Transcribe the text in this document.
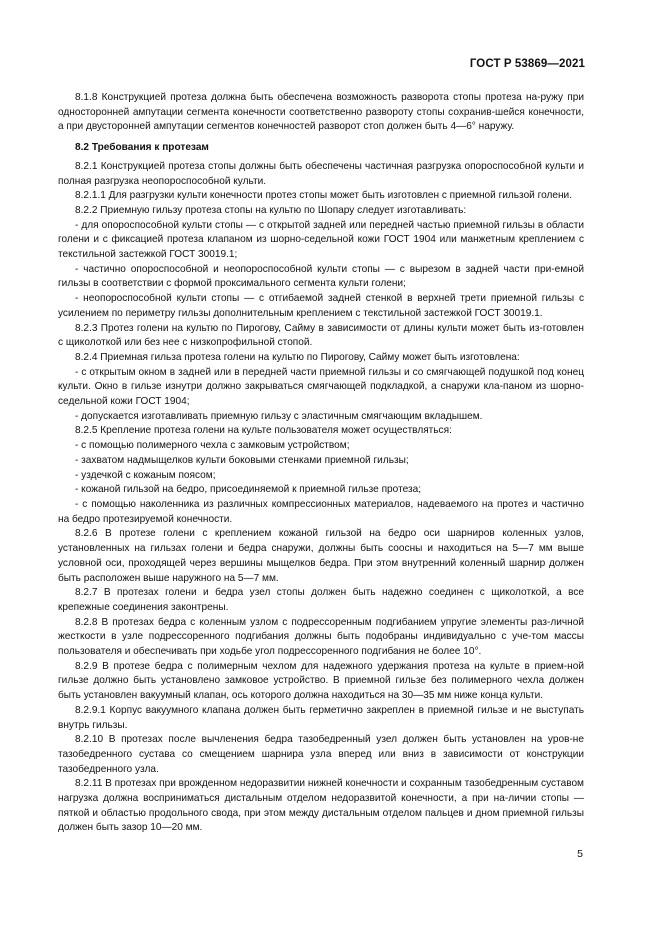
ГОСТ Р 53869—2021

8.1.8 Конструкцией протеза должна быть обеспечена возможность разворота стопы протеза на-ружу при односторонней ампутации сегмента конечности соответственно развороту стопы сохранив-шейся конечности, а при двусторонней ампутации сегментов конечностей разворот стоп должен быть 4—6° наружу.

8.2 Требования к протезам

8.2.1 Конструкцией протеза стопы должны быть обеспечены частичная разгрузка опороспособной культи и полная разгрузка неопороспособной культи.

8.2.1.1 Для разгрузки культи конечности протез стопы может быть изготовлен с приемной гильзой голени.

8.2.2 Приемную гильзу протеза стопы на культю по Шопару следует изготавливать:

- для опороспособной культи стопы — с открытой задней или передней частью приемной гильзы в области голени и с фиксацией протеза клапаном из шорно-седельной кожи ГОСТ 1904 или манжетным креплением с текстильной застежкой ГОСТ 30019.1;

- частично опороспособной и неопороспособной культи стопы — с вырезом в задней части при-емной гильзы в соответствии с формой проксимального сегмента культи голени;

- неопороспособной культи стопы — с отгибаемой задней стенкой в верхней трети приемной гильзы с усилением по периметру гильзы дополнительным креплением с текстильной застежкой ГОСТ 30019.1.

8.2.3 Протез голени на культю по Пирогову, Сайму в зависимости от длины культи может быть из-готовлен с щиколоткой или без нее с низкопрофильной стопой.

8.2.4 Приемная гильза протеза голени на культю по Пирогову, Сайму может быть изготовлена:

- с открытым окном в задней или в передней части приемной гильзы и со смягчающей подушкой под конец культи. Окно в гильзе изнутри должно закрываться смягчающей подкладкой, а снаружи кла-паном из шорно-седельной кожи ГОСТ 1904;

- допускается изготавливать приемную гильзу с эластичным смягчающим вкладышем.

8.2.5 Крепление протеза голени на культе пользователя может осуществляться:

- с помощью полимерного чехла с замковым устройством;

- захватом надмыщелков культи боковыми стенками приемной гильзы;

- уздечкой с кожаным поясом;

- кожаной гильзой на бедро, присоединяемой к приемной гильзе протеза;

- с помощью наколенника из различных компрессионных материалов, надеваемого на протез и частично на бедро протезируемой конечности.

8.2.6 В протезе голени с креплением кожаной гильзой на бедро оси шарниров коленных узлов, установленных на гильзах голени и бедра снаружи, должны быть соосны и находиться на 5—7 мм выше условной оси, проходящей через вершины мыщелков бедра. При этом внутренний коленный шарнир должен быть расположен выше наружного на 5—7 мм.

8.2.7 В протезах голени и бедра узел стопы должен быть надежно соединен с щиколоткой, а все крепежные соединения законтрены.

8.2.8 В протезах бедра с коленным узлом с подрессоренным подгибанием упругие элементы раз-личной жесткости в узле подрессоренного подгибания должны быть подобраны индивидуально с уче-том массы пользователя и обеспечивать при ходьбе угол подрессоренного подгибания не более 10°.

8.2.9 В протезе бедра с полимерным чехлом для надежного удержания протеза на культе в прием-ной гильзе должно быть установлено замковое устройство. В приемной гильзе без полимерного чехла должен быть установлен вакуумный клапан, ось которого должна находиться на 30—35 мм ниже конца культи.

8.2.9.1 Корпус вакуумного клапана должен быть герметично закреплен в приемной гильзе и не выступать внутрь гильзы.

8.2.10 В протезах после вычленения бедра тазобедренный узел должен быть установлен на уров-не тазобедренного сустава со смещением шарнира узла вперед или вниз в зависимости от конструкции тазобедренного узла.

8.2.11 В протезах при врожденном недоразвитии нижней конечности и сохранным тазобедренным суставом нагрузка должна восприниматься дистальным отделом недоразвитой конечности, а при на-личии стопы — пяткой и областью продольного свода, при этом между дистальным отделом пальцев и дном приемной гильзы должен быть зазор 10—20 мм.

5
